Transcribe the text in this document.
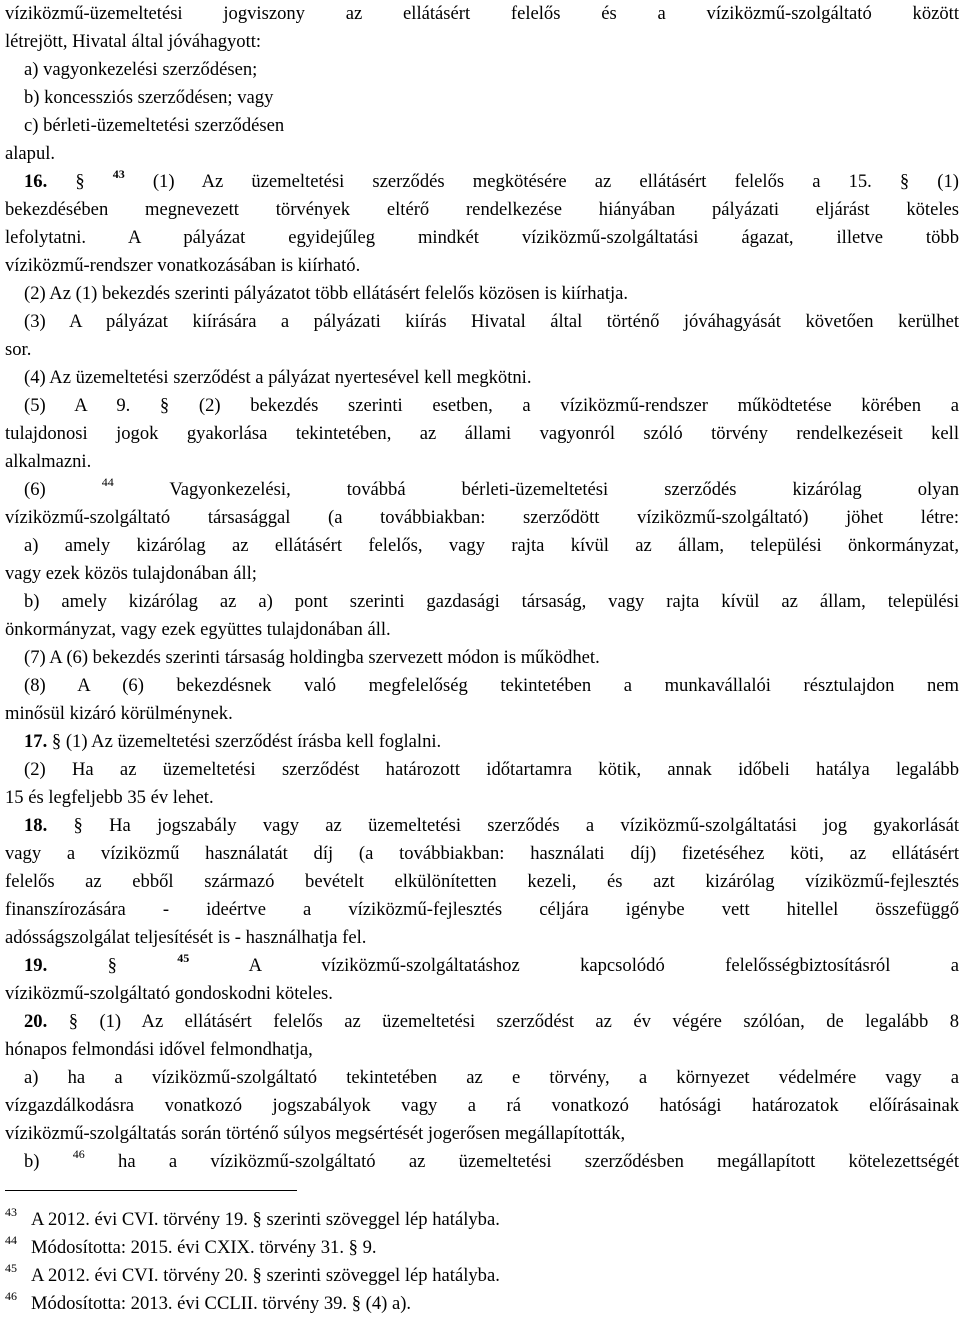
víziközmű-üzemeltetési jogviszony az ellátásért felelős és a víziközmű-szolgáltató között
létrejött, Hivatal által jóváhagyott:
a) vagyonkezelési szerződésen;
b) koncessziós szerződésen; vagy
c) bérleti-üzemeltetési szerződésen
alapul.
16. § $^{43}$ (1) Az üzemeltetési szerződés megkötésére az ellátásért felelős a 15. § (1)
bekezdésében megnevezett törvények eltérő rendelkezése hiányában pályázati eljárást köteles
lefolytatni. A pályázat egyidejűleg mindkét víziközmű-szolgáltatási ágazat, illetve több
víziközmű-rendszer vonatkozásában is kiírható.
(2) Az (1) bekezdés szerinti pályázatot több ellátásért felelős közösen is kiírhatja.
(3) A pályázat kiírására a pályázati kiírás Hivatal által történő jóváhagyását követően kerülhet
sor.
(4) Az üzemeltetési szerződést a pályázat nyertesével kell megkötni.
(5) A 9. § (2) bekezdés szerinti esetben, a víziközmű-rendszer működtetése körében a
tulajdonosi jogok gyakorlása tekintetében, az állami vagyonról szóló törvény rendelkezéseit kell
alkalmazni.
(6)	$^{44}$	Vagyonkezelési, továbbá bérleti-üzemeltetési szerződés kizárólag olyan
víziközmű-szolgáltató társasággal (a továbbiakban: szerződött víziközmű-szolgáltató) jöhet létre:
a) amely kizárólag az ellátásért felelős, vagy rajta kívül az állam, települési önkormányzat,
vagy ezek közös tulajdonában áll;
b) amely kizárólag az a) pont szerinti gazdasági társaság, vagy rajta kívül az állam, települési
önkormányzat, vagy ezek együttes tulajdonában áll.
(7) A (6) bekezdés szerinti társaság holdingba szervezett módon is működhet.
(8) A (6) bekezdésnek való megfelelőség tekintetében a munkavállalói résztulajdon nem
minősül kizáró körülménynek.
17. § (1) Az üzemeltetési szerződést írásba kell foglalni.
(2) Ha az üzemeltetési szerződést határozott időtartamra kötik, annak időbeli hatálya legalább
15 és legfeljebb 35 év lehet.
18. § Ha jogszabály vagy az üzemeltetési szerződés a víziközmű-szolgáltatási jog gyakorlását
vagy a víziközmű használatát díj (a továbbiakban: használati díj) fizetéséhez köti, az ellátásért
felelős az ebből származó bevételt elkülönítetten kezeli, és azt kizárólag víziközmű-fejlesztés
finanszírozására - ideértve a víziközmű-fejlesztés céljára igénybe vett hitellel összefüggő
adósságszolgálat teljesítését is - használhatja fel.
19.	§	$^{45}$	A víziközmű-szolgáltatáshoz kapcsolódó felelősségbiztosításról a
víziközmű-szolgáltató gondoskodni köteles.
20. § (1) Az ellátásért felelős az üzemeltetési szerződést az év végére szólóan, de legalább 8
hónapos felmondási idővel felmondhatja,
a) ha a víziközmű-szolgáltató tekintetében az e törvény, a környezet védelmére vagy a
vízgazdálkodásra vonatkozó jogszabályok vagy a rá vonatkozó hatósági határozatok előírásainak
víziközmű-szolgáltatás során történő súlyos megsértését jogerősen megállapították,
b)	$^{46}$ ha a víziközmű-szolgáltató az üzemeltetési szerződésben megállapított kötelezettségét
43 A 2012. évi CVI. törvény 19. § szerinti szöveggel lép hatályba.
44 Módosította: 2015. évi CXIX. törvény 31. § 9.
45 A 2012. évi CVI. törvény 20. § szerinti szöveggel lép hatályba.
46 Módosította: 2013. évi CCLII. törvény 39. § (4) a).
